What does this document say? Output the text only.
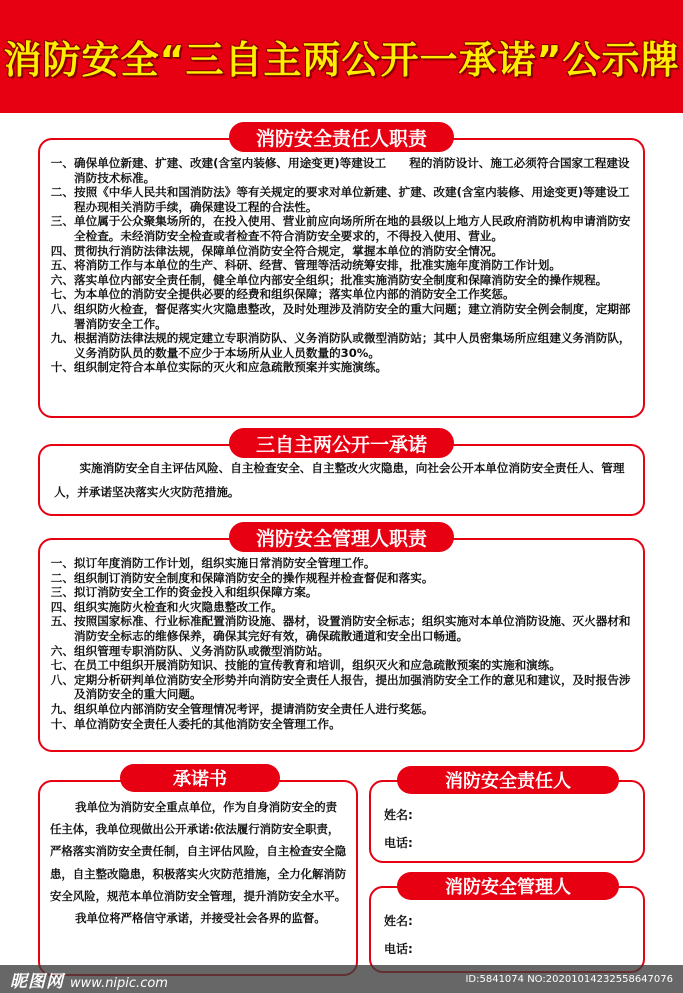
消防安全“三自主两公开一承诺”公示牌
消防安全责任人职责
一、 确保单位新建、扩建、改建(含室内装修、用途变更)等建设工　　程的消防设计、施工必须符合国家工程建设消防技术标准。
二、 按照《中华人民共和国消防法》等有关规定的要求对单位新建、扩建、改建(含室内装修、用途变更)等建设工程办现相关消防手续，确保建设工程的合法性。
三、 单位属于公众聚集场所的，在投入使用、营业前应向场所所在地的县级以上地方人民政府消防机构申请消防安全检查。未经消防安全检查或者检查不符合消防安全要求的，不得投入使用、营业。
四、 贯彻执行消防法律法规，保障单位消防安全符合规定，掌握本单位的消防安全情况。
五、 将消防工作与本单位的生产、科研、经营、管理等活动统筹安排，批准实施年度消防工作计划。
六、 落实单位内部安全责任制，健全单位内部安全组织；批准实施消防安全制度和保障消防安全的操作规程。
七、 为本单位的消防安全提供必要的经费和组织保障；落实单位内部的消防安全工作奖惩。
八、 组织防火检查，督促落实火灾隐患整改，及时处理涉及消防安全的重大问题；建立消防安全例会制度，定期部署消防安全工作。
九、 根据消防法律法规的规定建立专职消防队、义务消防队或微型消防站；其中人员密集场所应组建义务消防队，义务消防队员的数量不应少于本场所从业人员数量的30%。
十、 组织制定符合本单位实际的灭火和应急疏散预案并实施演练。
三自主两公开一承诺

实施消防安全自主评估风险、自主检查安全、自主整改火灾隐患，向社会公开本单位消防安全责任人、管理人，并承诺坚决落实火灾防范措施。

消防安全管理人职责
一、 拟订年度消防工作计划，组织实施日常消防安全管理工作。
二、 组织制订消防安全制度和保障消防安全的操作规程并检查督促和落实。
三、 拟订消防安全工作的资金投入和组织保障方案。
四、 组织实施防火检查和火灾隐患整改工作。
五、 按照国家标准、行业标准配置消防设施、器材，设置消防安全标志；组织实施对本单位消防设施、灭火器材和消防安全标志的维修保养，确保其完好有效，确保疏散通道和安全出口畅通。
六、 组织管理专职消防队、义务消防队或微型消防站。
七、 在员工中组织开展消防知识、技能的宣传教育和培训，组织灭火和应急疏散预案的实施和演练。
八、 定期分析研判单位消防安全形势并向消防安全责任人报告，提出加强消防安全工作的意见和建议，及时报告涉及消防安全的重大问题。
九、 组织单位内部消防安全管理情况考评，提请消防安全责任人进行奖惩。
十、 单位消防安全责任人委托的其他消防安全管理工作。
承诺书

我单位为消防安全重点单位，作为自身消防安全的责任主体，我单位现做出公开承诺:依法履行消防安全职责，严格落实消防安全责任制，自主评估风险，自主检查安全隐患，自主整改隐患，积极落实火灾防范措施，全力化解消防安全风险，规范本单位消防安全管理，提升消防安全水平。

我单位将严格信守承诺，并接受社会各界的监督。

消防安全责任人
姓名:
电话:
消防安全管理人
姓名:
电话:
昵图网 www.nipic.com	ID:5841074 NO:20201014232558647076
